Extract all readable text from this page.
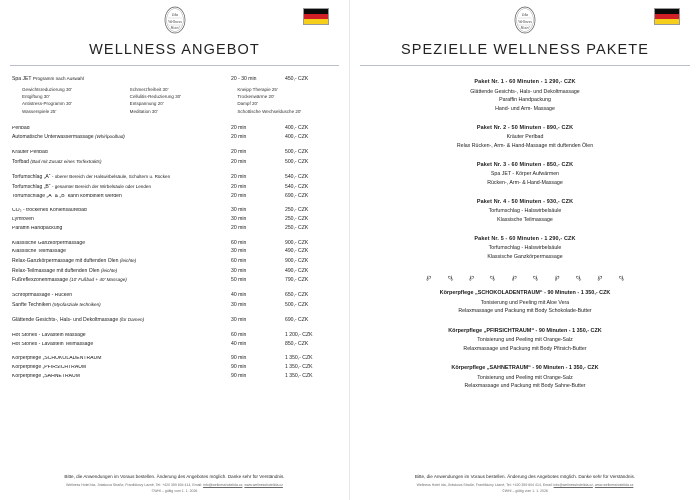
Ida
Wellness
Hotel
WELLNESS ANGEBOT
Spa JET Programm nach Auswahl	20 - 30 min	450,- CZK
Gewichtsreduzierung 30'	Schmerzfreiheit 30'	Kneipp Therapie 25'
Entgiftung 30'	Cellulitis-Reduzierung 30'	Trockenwärme 20'
Antistress-Programm 30'	Entspannung 20'	Dampf 20'
Wasserspiele 25'	Meditation 30'	Schottische Wechseldusche 20'
Perlbad	20 min	400,- CZK
Automatische Unterwassermassage (Whirlpoolbad)	20 min	400,- CZK
Kräuter Perlbad	20 min	500,- CZK
Torfbad (Bad mit Zusatz eines Torfextrakts)	20 min	500,- CZK
Torfumschlag „A“ - oberer Bereich der Halswirbelsäule, Schultern u. Rücken	20 min	540,- CZK
Torfumschlag „B“ - gesamter Bereich der Wirbelsäule oder Lenden	20 min	540,- CZK
Torfumschläge „A“ & „B“ kann kombiniert werden	20 min	690,- CZK
CO₂ - trockenes Kohlensäurebad	30 min	250,- CZK
Lymfoven	30 min	250,- CZK
Paraffin Handpackung	20 min	250,- CZK
Klassische Ganzkörpermassage	60 min	900,- CZK
Klassische Teilmassage	30 min	490,- CZK
Relax-Ganzkörpermassage mit duftenden Ölen (leichte)	60 min	900,- CZK
Relax-Teilmassage mit duftenden Ölen (leichte)	30 min	490,- CZK
Fußreflexzonenmassage (10' Fußbad + 40' Massage)	50 min	790,- CZK
Schröpfmassage - Rücken	40 min	650,- CZK
Sanfte Techniken (Myofasziale techniken)	30 min	500,- CZK
Glättende Gesichts-, Hals- und Dekoltmassage (für Damen)	30 min	690,- CZK
Hot Stones - Lavastein Massage	60 min	1 200,- CZK
Hot Stones - Lavastein Teilmassage	40 min	850,- CZK
Körperpflege „SCHOKOLADENTRAUM“	90 min	1 350,- CZK
Körperpflege „PFIRSICHTRAUM“	90 min	1 350,- CZK
Körperpflege „SAHNETRAUM“	90 min	1 350,- CZK
Bitte, die Anwendungen im Voraus bestellen. Änderung des Angebotes möglich. Danke sehr für Verständnis.
Wellness Hotel Ida, Jiráskova Straße, Františkovy Lázně, Tel: +420 359 604 414, Email: info@wellnesshotelida.cz, www.wellnesshotelida.cz
©WHI – gültig vom 1. 1. 2026
Ida
Wellness
Hotel
SPEZIELLE WELLNESS PAKETE
Paket Nr. 1 - 60 Minuten - 1 290,- CZK

Glättende Gesichts-, Hals- und Dekoltmassage

Paraffin Handpackung

Hand- und Arm- Massage

Paket Nr. 2 - 50 Minuten - 890,- CZK

Kräuter Perlbad

Relax Rücken-, Arm- & Hand-Massage mit duftenden Ölen

Paket Nr. 3 - 60 Minuten - 850,- CZK

Spa JET - Körper Aufwärmen

Rücken-, Arm- & Hand-Massage

Paket Nr. 4 - 50 Minuten - 930,- CZK

Torfumschlag - Halswirbelsäule

Klassische Teilmassage

Paket Nr. 5 - 60 Minuten - 1 290,- CZK

Torfumschlag - Halswirbelsäule

Klassische Ganzkörpermassage

℘ ℘ ℘ ℘ ℘ ℘ ℘ ℘ ℘ ℘
Körperpflege „SCHOKOLADENTRAUM“ - 90 Minuten - 1 350,- CZK

Tonisierung und Peeling mit Aloe Vera

Relaxmassage und Packung mit Body Schokolade-Butter

Körperpflege „PFIRSICHTRAUM“ - 90 Minuten - 1 350,- CZK

Tonisierung und Peeling mit Orange-Salz

Relaxmassage und Packung mit Body Pfirsich-Butter

Körperpflege „SAHNETRAUM“ - 90 Minuten - 1 350,- CZK

Tonisierung und Peeling mit Orange-Salz

Relaxmassage und Packung mit Body Sahne-Butter

Bitte, die Anwendungen im Voraus bestellen. Änderung des Angebotes möglich. Danke sehr für Verständnis.
Wellness Hotel Ida, Jiráskova Straße, Františkovy Lázně, Tel: +420 359 604 414, Email: info@wellnesshotelida.cz, www.wellnesshotelida.cz
©WHI – gültig vom 1. 1. 2026
